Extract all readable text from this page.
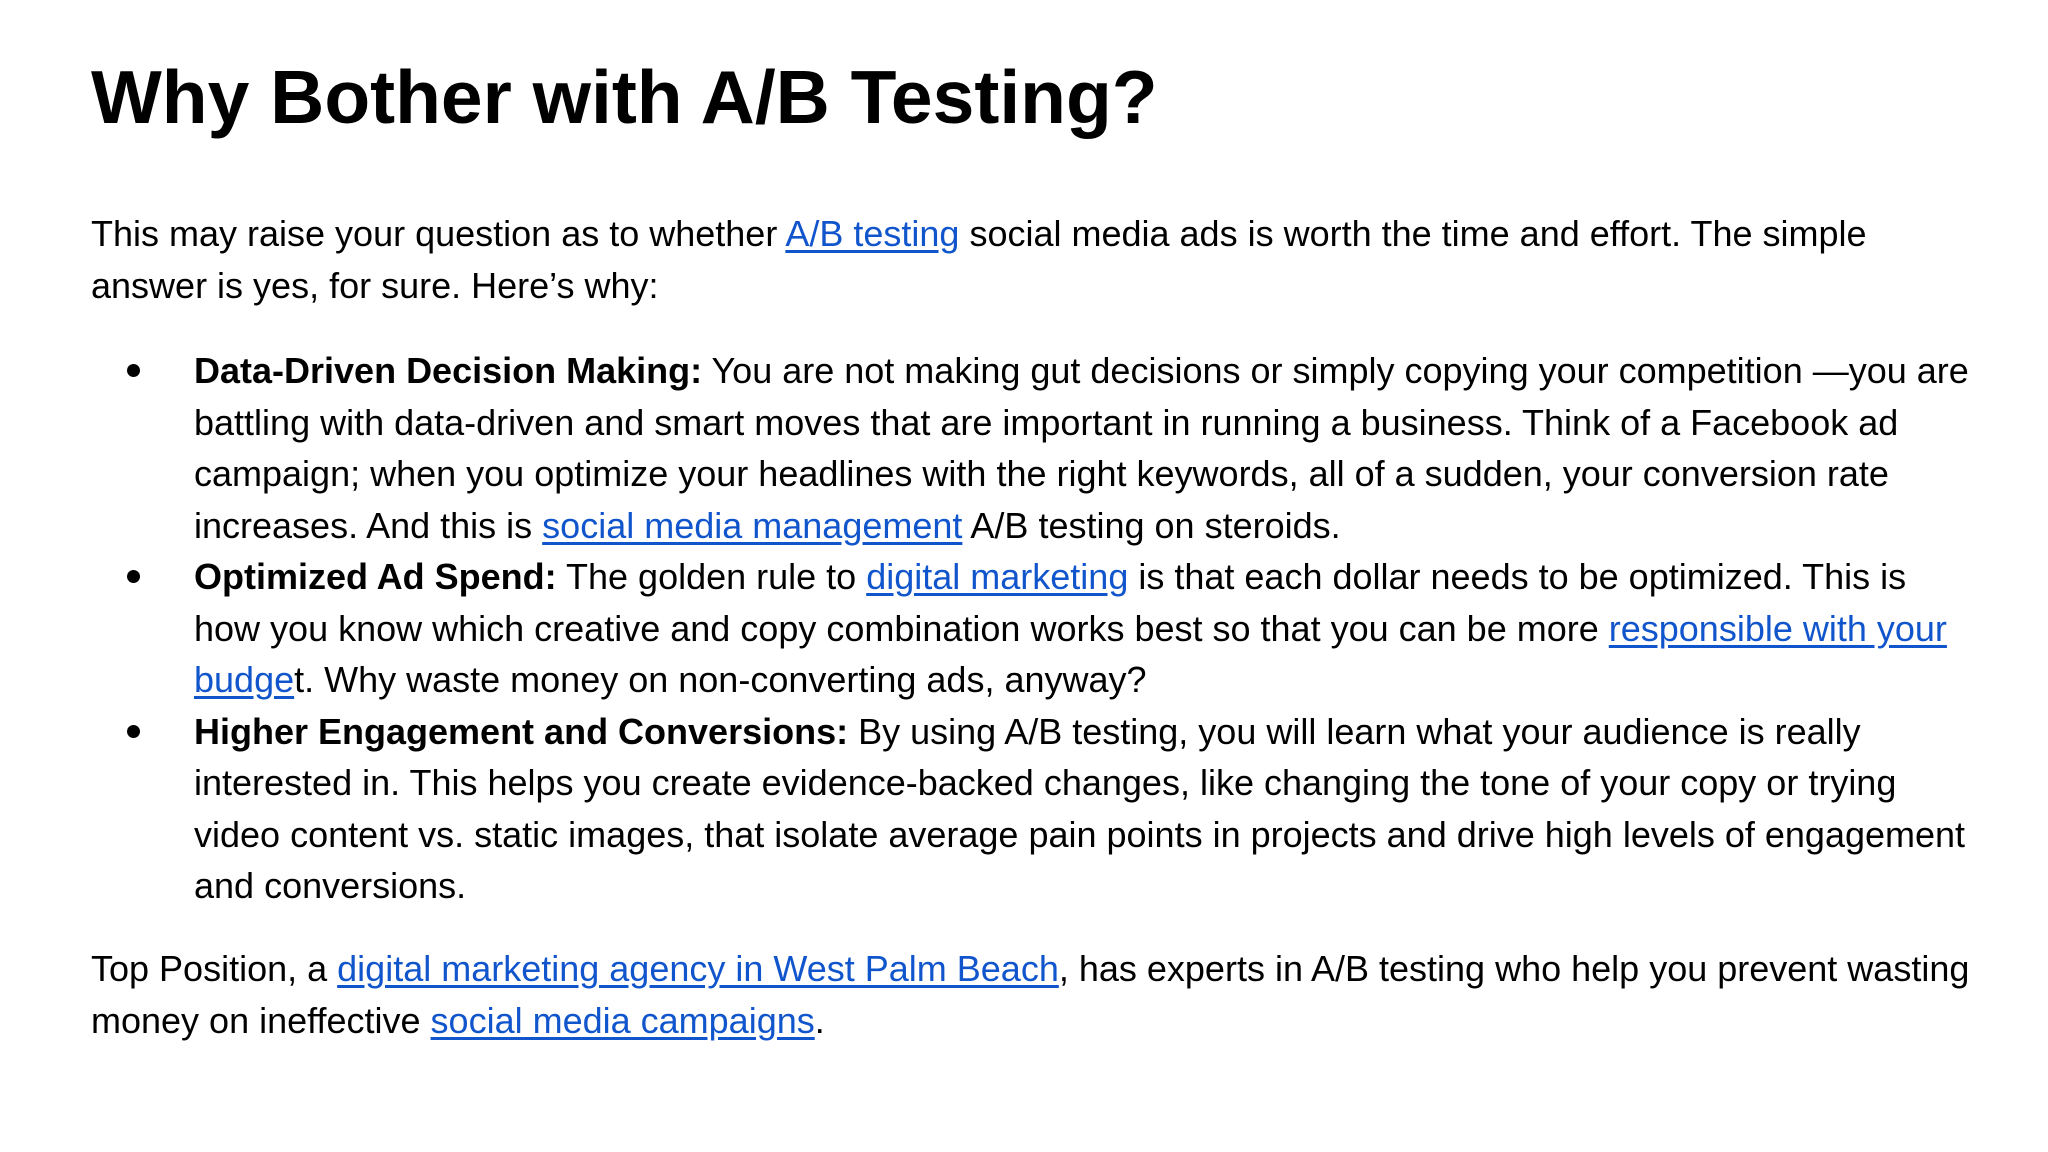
Why Bother with A/B Testing?

This may raise your question as to whether A/B testing social media ads is worth the time and effort. The simple answer is yes, for sure. Here’s why:

Data-Driven Decision Making: You are not making gut decisions or simply copying your competition —you are battling with data-driven and smart moves that are important in running a business. Think of a Facebook ad campaign; when you optimize your headlines with the right keywords, all of a sudden, your conversion rate increases. And this is social media management A/B testing on steroids.
Optimized Ad Spend: The golden rule to digital marketing is that each dollar needs to be optimized. This is how you know which creative and copy combination works best so that you can be more responsible with your budget. Why waste money on non-converting ads, anyway?
Higher Engagement and Conversions: By using A/B testing, you will learn what your audience is really interested in. This helps you create evidence-backed changes, like changing the tone of your copy or trying video content vs. static images, that isolate average pain points in projects and drive high levels of engagement and conversions.

Top Position, a digital marketing agency in West Palm Beach, has experts in A/B testing who help you prevent wasting money on ineffective social media campaigns.
